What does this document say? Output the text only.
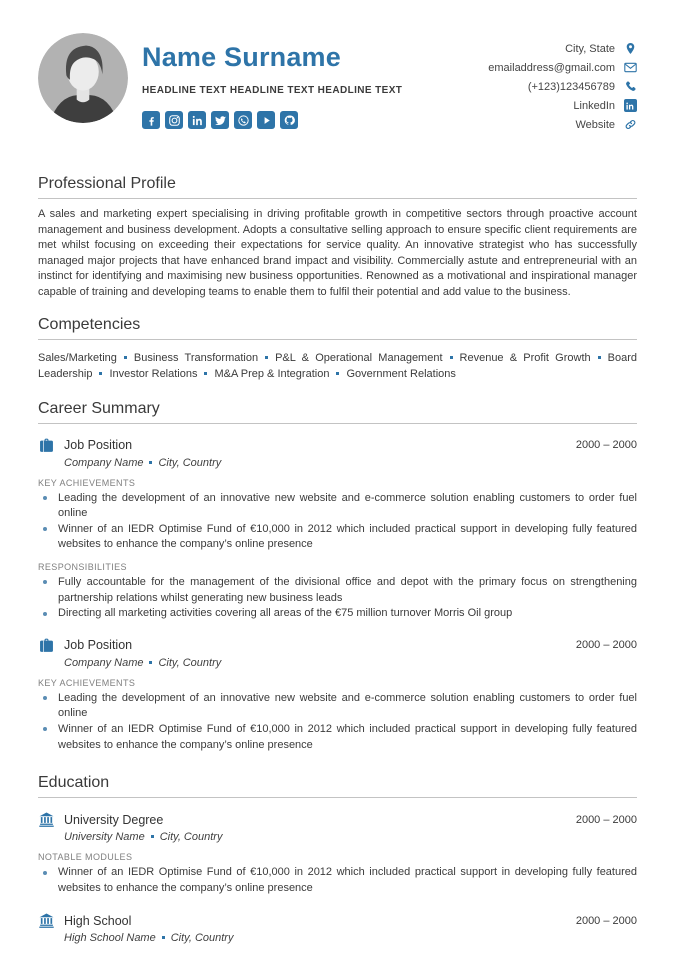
Name Surname
HEADLINE TEXT HEADLINE TEXT HEADLINE TEXT
City, State
emailaddress@gmail.com
(+123)123456789
LinkedIn
Website
Professional Profile

A sales and marketing expert specialising in driving profitable growth in competitive sectors through proactive account management and business development. Adopts a consultative selling approach to ensure specific client requirements are met whilst focusing on exceeding their expectations for service quality. An innovative strategist who has successfully managed major projects that have enhanced brand impact and visibility. Commercially astute and entrepreneurial with an instinct for identifying and maximising new business opportunities. Renowned as a motivational and inspirational manager capable of training and developing teams to enable them to fulfil their potential and add value to the business.

Competencies

Sales/Marketing Business Transformation P&L & Operational Management Revenue & Profit Growth Board Leadership Investor Relations M&A Prep & Integration Government Relations

Career Summary
Job Position	2000 – 2000
Company Name City, Country
KEY ACHIEVEMENTS
Leading the development of an innovative new website and e-commerce solution enabling customers to order fuel online
Winner of an IEDR Optimise Fund of €10,000 in 2012 which included practical support in developing fully featured websites to enhance the company’s online presence
RESPONSIBILITIES
Fully accountable for the management of the divisional office and depot with the primary focus on strengthening partnership relations whilst generating new business leads
Directing all marketing activities covering all areas of the €75 million turnover Morris Oil group
Job Position	2000 – 2000
Company Name City, Country
KEY ACHIEVEMENTS
Leading the development of an innovative new website and e-commerce solution enabling customers to order fuel online
Winner of an IEDR Optimise Fund of €10,000 in 2012 which included practical support in developing fully featured websites to enhance the company’s online presence
Education
University Degree	2000 – 2000
University Name City, Country
NOTABLE MODULES
Winner of an IEDR Optimise Fund of €10,000 in 2012 which included practical support in developing fully featured websites to enhance the company’s online presence
High School	2000 – 2000
High School Name City, Country
